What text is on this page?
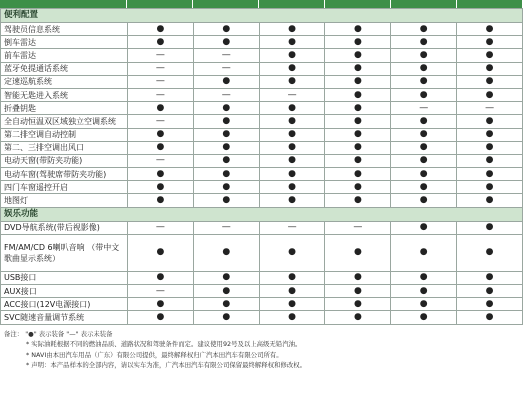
便利配置						
驾驶员信息系统	●	●	●	●	●	●
倒车雷达	●	●	●	●	●	●
前车雷达	—	—	●	●	●	●
蓝牙免提通话系统	—	—	●	●	●	●
定速巡航系统	—	●	●	●	●	●
智能无匙进入系统	—	—	—	●	●	●
折叠钥匙	●	●	●	●	—	—
全自动恒温双区域独立空调系统	—	●	●	●	●	●
第二排空调自动控制	●	●	●	●	●	●
第二、三排空调出风口	●	●	●	●	●	●
电动天窗(带防夹功能)	—	●	●	●	●	●
电动车窗(驾驶席带防夹功能)	●	●	●	●	●	●
四门车窗遥控开启	●	●	●	●	●	●
地图灯	●	●	●	●	●	●
娱乐功能						
DVD导航系统(带后视影像)	—	—	—	—	●	●
FM/AM/CD 6喇叭音响 （带中文歌曲显示系统）	●	●	●	●	●	●
USB接口	●	●	●	●	●	●
AUX接口	—	●	●	●	●	●
ACC接口(12V电源接口)	●	●	●	●	●	●
SVC随速音量调节系统	●	●	●	●	●	●
备注： "●" 表示装备 "—" 表示未装备
* 实际油耗根据不同的燃油品质、道路状况和驾驶条件而定。建议使用92号及以上高级无铅汽油。
* NAVI由本田汽车用品（广东）有限公司提供，最终解释权归广汽本田汽车有限公司所有。
* 声明：本产品样本的全部内容，请以实车为准，广汽本田汽车有限公司保留最终解释权和修改权。
